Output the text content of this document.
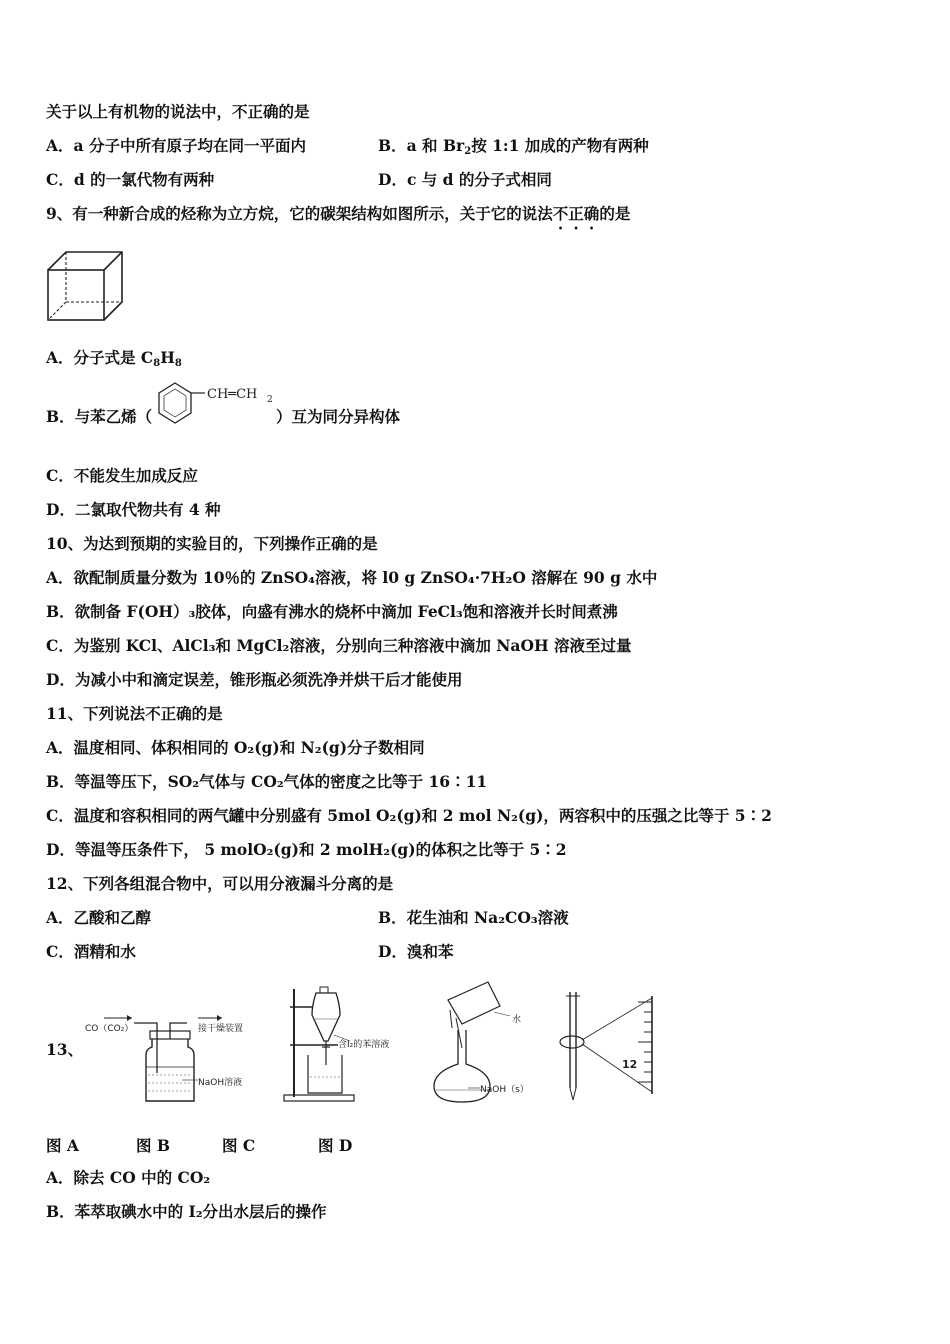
关于以上有机物的说法中，不正确的是
A．a 分子中所有原子均在同一平面内	B．a 和 $Br_2$按 1:1 加成的产物有两种
C．d 的一氯代物有两种	D．c 与 d 的分子式相同
9、有一种新合成的烃称为立方烷，它的碳架结构如图所示，关于它的说法不正确的是
A．分子式是 $C_8H_8$
B．与苯乙烯（
CH═CH 2
）互为同分异构体
C．不能发生加成反应
D．二氯取代物共有 4 种
10、为达到预期的实验目的，下列操作正确的是
A．欲配制质量分数为 10％的 ZnSO₄溶液，将 l0 g ZnSO₄·7H₂O 溶解在 90 g 水中
B．欲制备 F(OH）₃胶体，向盛有沸水的烧杯中滴加 FeCl₃饱和溶液并长时间煮沸
C．为鉴别 KCl、AlCl₃和 MgCl₂溶液，分别向三种溶液中滴加 NaOH 溶液至过量
D．为减小中和滴定误差，锥形瓶必须洗净并烘干后才能使用
11、下列说法不正确的是
A．温度相同、体积相同的 O₂(g)和 N₂(g)分子数相同
B．等温等压下，SO₂气体与 CO₂气体的密度之比等于 16∶11
C．温度和容积相同的两气罐中分别盛有 5mol O₂(g)和 2 mol N₂(g)，两容积中的压强之比等于 5∶2
D．等温等压条件下， 5 molO₂(g)和 2 molH₂(g)的体积之比等于 5∶2
12、下列各组混合物中，可以用分液漏斗分离的是
A．乙酸和乙醇	B．花生油和 Na₂CO₃溶液
C．酒精和水	D．溴和苯
13、
CO（CO₂）	接干燥装置
NaOH溶液
含I₂的苯溶液
水
NaOH（s）
12
图 A	图 B	图 C	图 D
A．除去 CO 中的 CO₂
B．苯萃取碘水中的 I₂分出水层后的操作
